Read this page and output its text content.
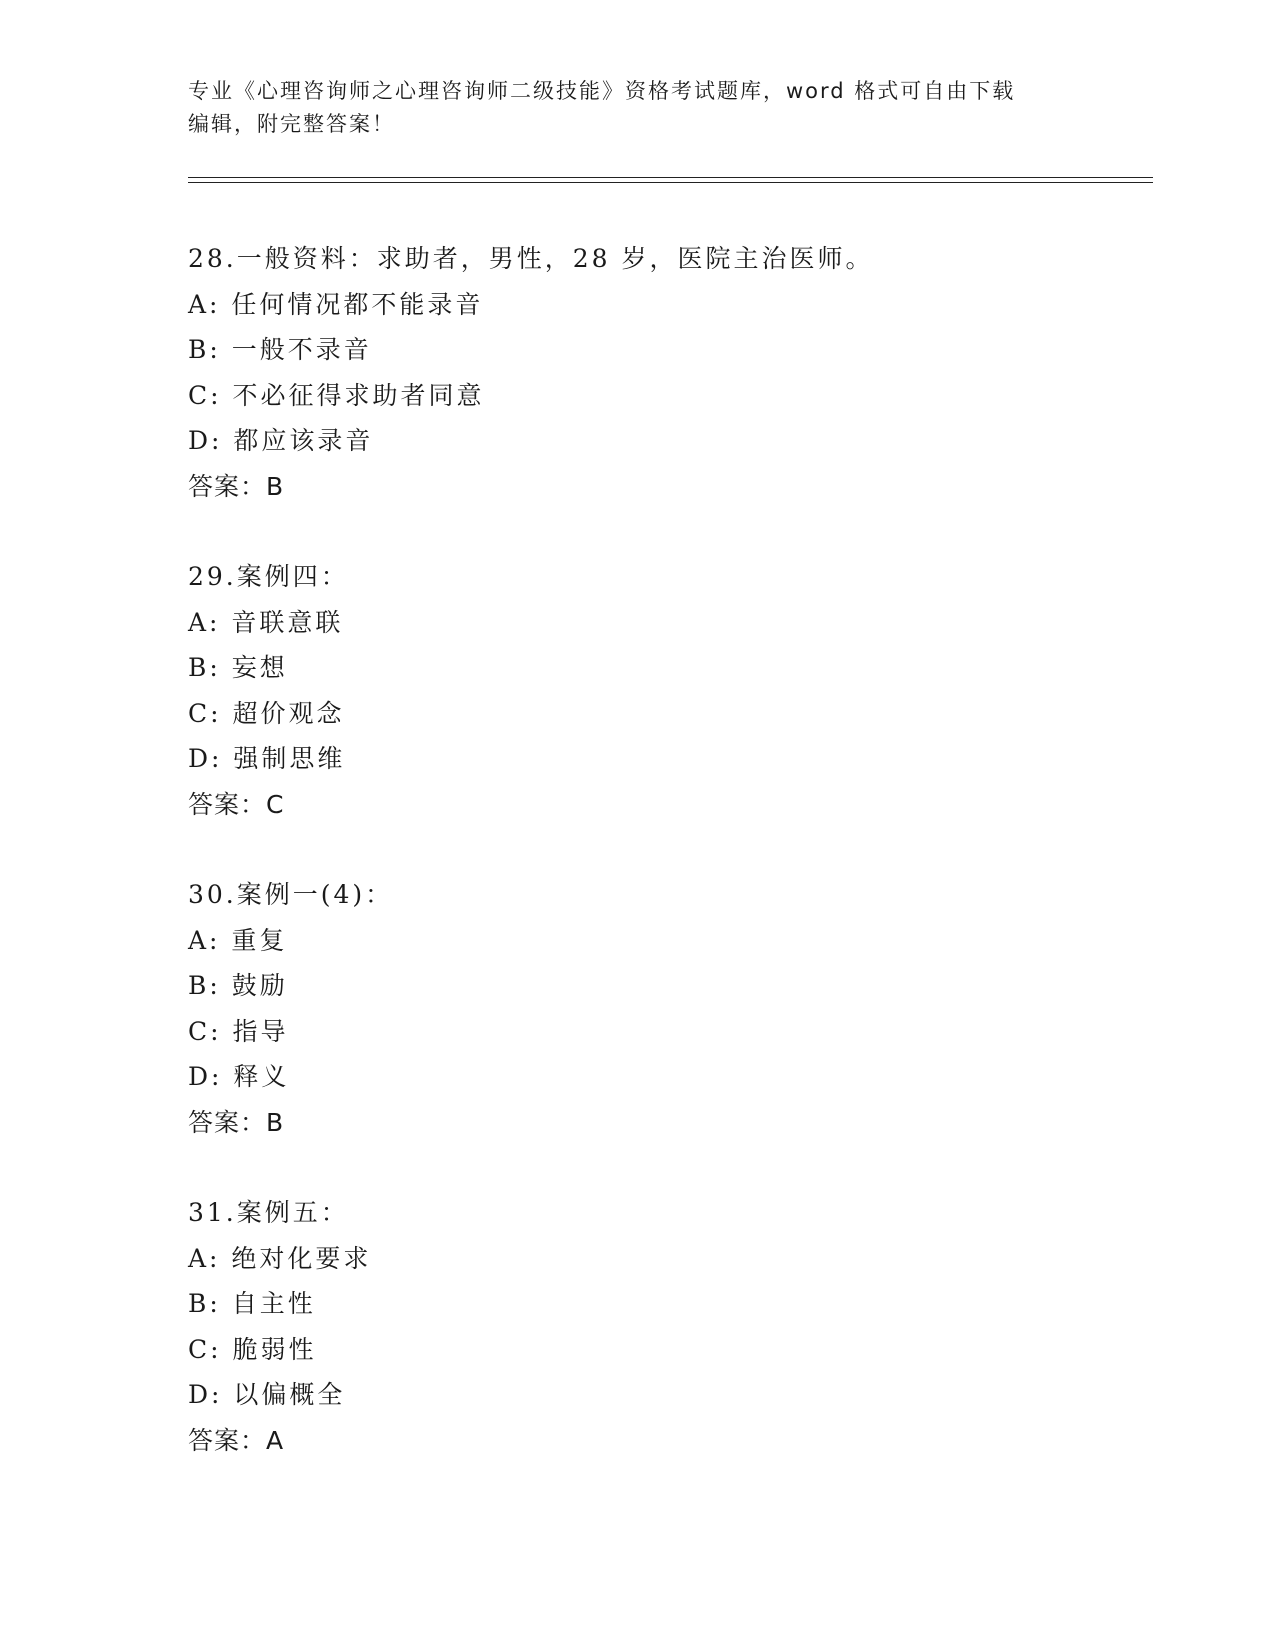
专业《心理咨询师之心理咨询师二级技能》资格考试题库，word 格式可自由下载
编辑，附完整答案！
28.一般资料：求助者，男性，28 岁，医院主治医师。
A: 任何情况都不能录音
B: 一般不录音
C: 不必征得求助者同意
D: 都应该录音
答案：B
29.案例四：
A: 音联意联
B: 妄想
C: 超价观念
D: 强制思维
答案：C
30.案例一(4)：
A: 重复
B: 鼓励
C: 指导
D: 释义
答案：B
31.案例五：
A: 绝对化要求
B: 自主性
C: 脆弱性
D: 以偏概全
答案：A
